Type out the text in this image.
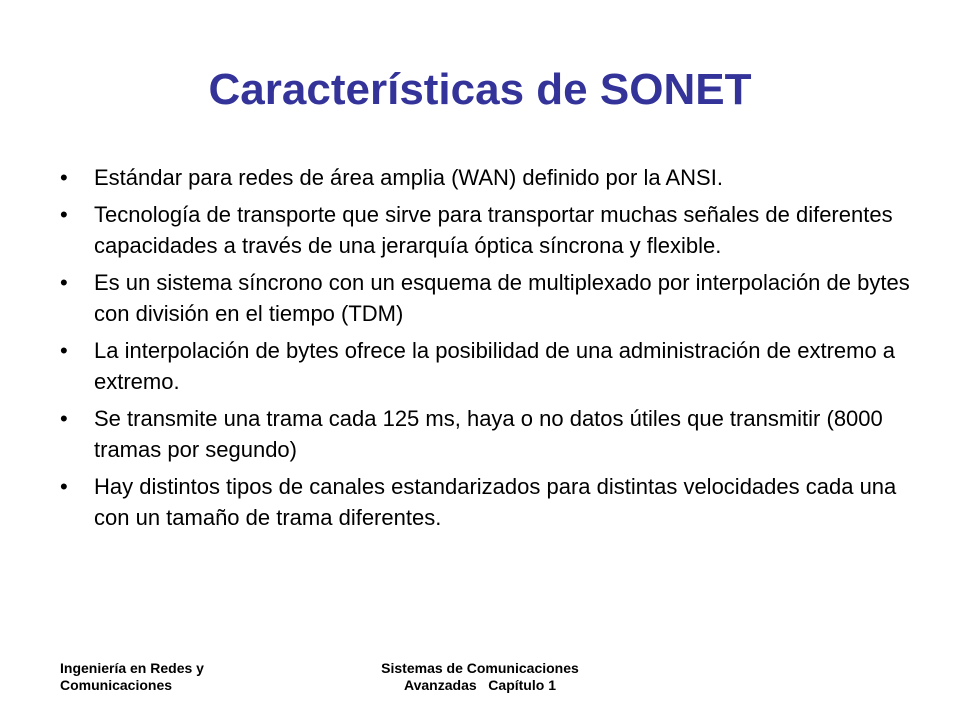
Características de SONET
•	Estándar para redes de área amplia (WAN) definido por la ANSI.
•	Tecnología de transporte que sirve para transportar muchas señales de diferentes capacidades a través de una jerarquía óptica síncrona y flexible.
•	Es un sistema síncrono con un esquema de multiplexado por interpolación de bytes con división en el tiempo (TDM)
•	La interpolación de bytes ofrece la posibilidad de una administración de extremo a extremo.
•	Se transmite una trama cada 125 ms, haya o no datos útiles que transmitir (8000 tramas por segundo)
•	Hay distintos tipos de canales estandarizados para distintas velocidades cada una con un tamaño de trama diferentes.
Ingeniería en Redes y
Comunicaciones
Sistemas de Comunicaciones
Avanzadas   Capítulo 1
